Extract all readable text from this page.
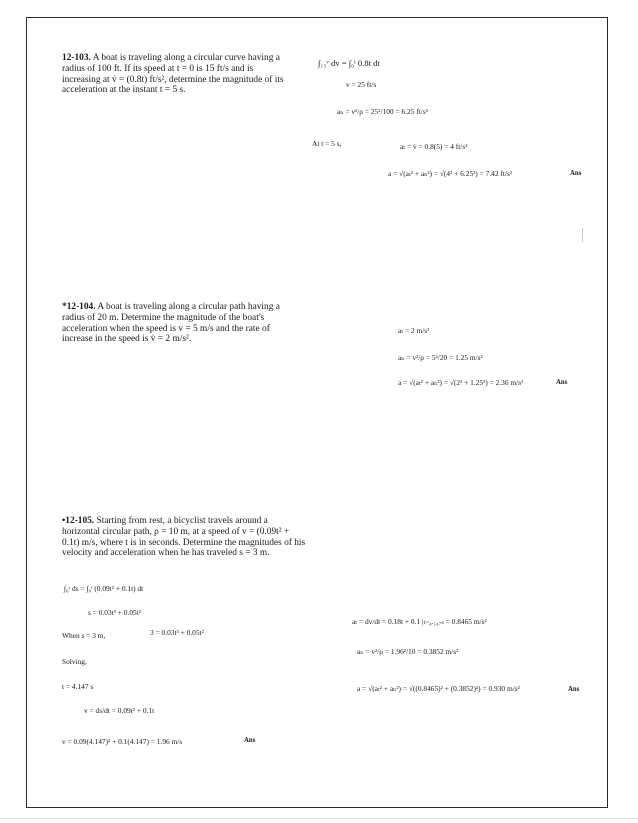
12-103. A boat is traveling along a circular curve having a radius of 100 ft. If its speed at t = 0 is 15 ft/s and is increasing at v̇ = (0.8t) ft/s², determine the magnitude of its acceleration at the instant t = 5 s.
∫₁₅ᵛ dv = ∫₀ᵗ 0.8t dt
v = 25 ft/s
aₙ = v²/ρ = 25²/100 = 6.25 ft/s²
At t = 5 s,	aₜ = v̇ = 0.8(5) = 4 ft/s²
a = √(aₜ² + aₙ²) = √(4² + 6.25²) = 7.42 ft/s²	Ans
*12-104. A boat is traveling along a circular path having a radius of 20 m. Determine the magnitude of the boat's acceleration when the speed is v = 5 m/s and the rate of increase in the speed is v̇ = 2 m/s².
aₜ = 2 m/s²
aₙ = v²/ρ = 5²/20 = 1.25 m/s²
a = √(aₜ² + aₙ²) = √(2² + 1.25²) = 2.36 m/s²	Ans
•12-105. Starting from rest, a bicyclist travels around a horizontal circular path, ρ = 10 m, at a speed of v = (0.09t² + 0.1t) m/s, where t is in seconds. Determine the magnitudes of his velocity and acceleration when he has traveled s = 3 m.
∫₀ˢ ds = ∫₀ᵗ (0.09t² + 0.1t) dt
s = 0.03t³ + 0.05t²
When s = 3 m,	3 = 0.03t³ + 0.05t²
Solving,
t = 4.147 s
v = ds/dt = 0.09t² + 0.1t
v = 0.09(4.147)² + 0.1(4.147) = 1.96 m/s	Ans
aₜ = dv/dt = 0.18t + 0.1 |ₜ₌₄.₁₄₇ₛ = 0.8465 m/s²
aₙ = v²/ρ = 1.96²/10 = 0.3852 m/s²
a = √(aₜ² + aₙ²) = √((0.8465)² + (0.3852)²) = 0.930 m/s²	Ans
